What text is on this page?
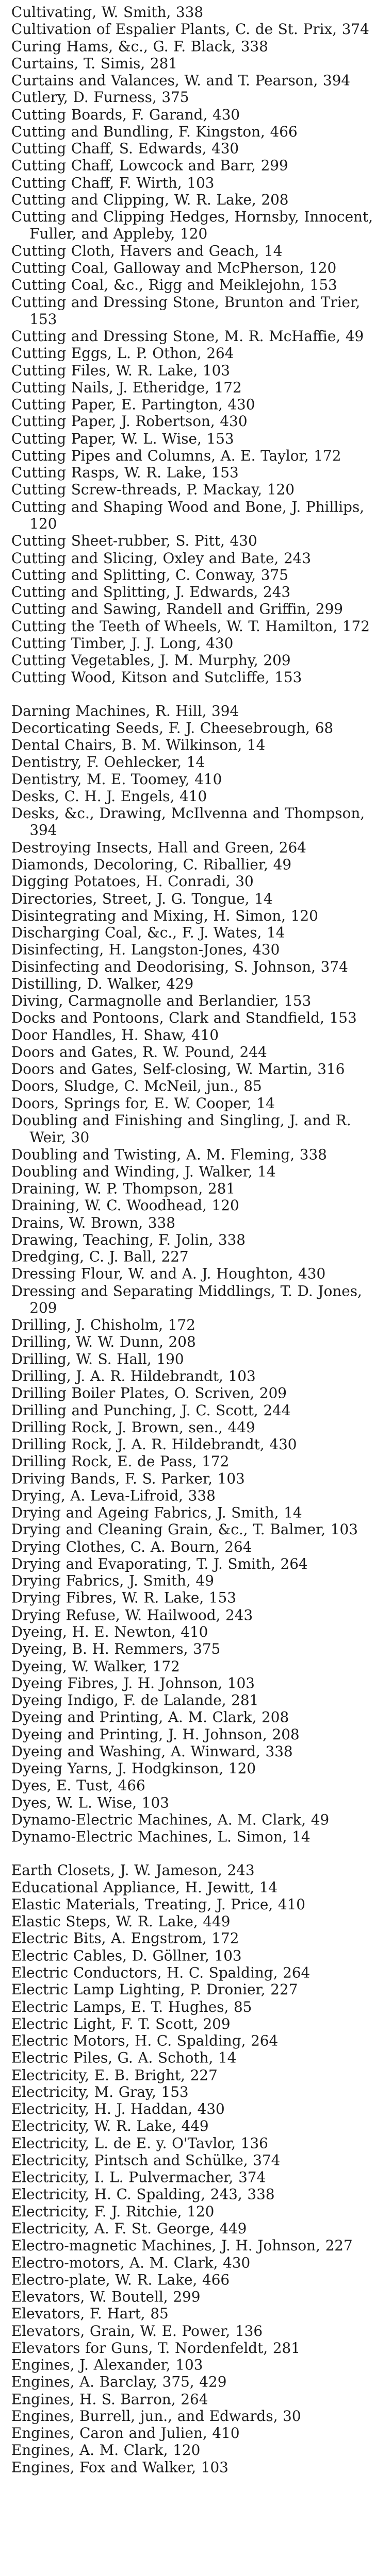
Cultivating, W. Smith, 338

Cultivation of Espalier Plants, C. de St. Prix, 374

Curing Hams, &c., G. F. Black, 338

Curtains, T. Simis, 281

Curtains and Valances, W. and T. Pearson, 394

Cutlery, D. Furness, 375

Cutting Boards, F. Garand, 430

Cutting and Bundling, F. Kingston, 466

Cutting Chaff, S. Edwards, 430

Cutting Chaff, Lowcock and Barr, 299

Cutting Chaff, F. Wirth, 103

Cutting and Clipping, W. R. Lake, 208

Cutting and Clipping Hedges, Hornsby, Innocent, Fuller, and Appleby, 120

Cutting Cloth, Havers and Geach, 14

Cutting Coal, Galloway and McPherson, 120

Cutting Coal, &c., Rigg and Meiklejohn, 153

Cutting and Dressing Stone, Brunton and Trier, 153

Cutting and Dressing Stone, M. R. McHaffie, 49

Cutting Eggs, L. P. Othon, 264

Cutting Files, W. R. Lake, 103

Cutting Nails, J. Etheridge, 172

Cutting Paper, E. Partington, 430

Cutting Paper, J. Robertson, 430

Cutting Paper, W. L. Wise, 153

Cutting Pipes and Columns, A. E. Taylor, 172

Cutting Rasps, W. R. Lake, 153

Cutting Screw-threads, P. Mackay, 120

Cutting and Shaping Wood and Bone, J. Phillips, 120

Cutting Sheet-rubber, S. Pitt, 430

Cutting and Slicing, Oxley and Bate, 243

Cutting and Splitting, C. Conway, 375

Cutting and Splitting, J. Edwards, 243

Cutting and Sawing, Randell and Griffin, 299

Cutting the Teeth of Wheels, W. T. Hamilton, 172

Cutting Timber, J. J. Long, 430

Cutting Vegetables, J. M. Murphy, 209

Cutting Wood, Kitson and Sutcliffe, 153

Darning Machines, R. Hill, 394

Decorticating Seeds, F. J. Cheesebrough, 68

Dental Chairs, B. M. Wilkinson, 14

Dentistry, F. Oehlecker, 14

Dentistry, M. E. Toomey, 410

Desks, C. H. J. Engels, 410

Desks, &c., Drawing, McIlvenna and Thompson, 394

Destroying Insects, Hall and Green, 264

Diamonds, Decoloring, C. Riballier, 49

Digging Potatoes, H. Conradi, 30

Directories, Street, J. G. Tongue, 14

Disintegrating and Mixing, H. Simon, 120

Discharging Coal, &c., F. J. Wates, 14

Disinfecting, H. Langston-Jones, 430

Disinfecting and Deodorising, S. Johnson, 374

Distilling, D. Walker, 429

Diving, Carmagnolle and Berlandier, 153

Docks and Pontoons, Clark and Standfield, 153

Door Handles, H. Shaw, 410

Doors and Gates, R. W. Pound, 244

Doors and Gates, Self-closing, W. Martin, 316

Doors, Sludge, C. McNeil, jun., 85

Doors, Springs for, E. W. Cooper, 14

Doubling and Finishing and Singling, J. and R. Weir, 30

Doubling and Twisting, A. M. Fleming, 338

Doubling and Winding, J. Walker, 14

Draining, W. P. Thompson, 281

Draining, W. C. Woodhead, 120

Drains, W. Brown, 338

Drawing, Teaching, F. Jolin, 338

Dredging, C. J. Ball, 227

Dressing Flour, W. and A. J. Houghton, 430

Dressing and Separating Middlings, T. D. Jones, 209

Drilling, J. Chisholm, 172

Drilling, W. W. Dunn, 208

Drilling, W. S. Hall, 190

Drilling, J. A. R. Hildebrandt, 103

Drilling Boiler Plates, O. Scriven, 209

Drilling and Punching, J. C. Scott, 244

Drilling Rock, J. Brown, sen., 449

Drilling Rock, J. A. R. Hildebrandt, 430

Drilling Rock, E. de Pass, 172

Driving Bands, F. S. Parker, 103

Drying, A. Leva-Lifroid, 338

Drying and Ageing Fabrics, J. Smith, 14

Drying and Cleaning Grain, &c., T. Balmer, 103

Drying Clothes, C. A. Bourn, 264

Drying and Evaporating, T. J. Smith, 264

Drying Fabrics, J. Smith, 49

Drying Fibres, W. R. Lake, 153

Drying Refuse, W. Hailwood, 243

Dyeing, H. E. Newton, 410

Dyeing, B. H. Remmers, 375

Dyeing, W. Walker, 172

Dyeing Fibres, J. H. Johnson, 103

Dyeing Indigo, F. de Lalande, 281

Dyeing and Printing, A. M. Clark, 208

Dyeing and Printing, J. H. Johnson, 208

Dyeing and Washing, A. Winward, 338

Dyeing Yarns, J. Hodgkinson, 120

Dyes, E. Tust, 466

Dyes, W. L. Wise, 103

Dynamo-Electric Machines, A. M. Clark, 49

Dynamo-Electric Machines, L. Simon, 14

Earth Closets, J. W. Jameson, 243

Educational Appliance, H. Jewitt, 14

Elastic Materials, Treating, J. Price, 410

Elastic Steps, W. R. Lake, 449

Electric Bits, A. Engstrom, 172

Electric Cables, D. Göllner, 103

Electric Conductors, H. C. Spalding, 264

Electric Lamp Lighting, P. Dronier, 227

Electric Lamps, E. T. Hughes, 85

Electric Light, F. T. Scott, 209

Electric Motors, H. C. Spalding, 264

Electric Piles, G. A. Schoth, 14

Electricity, E. B. Bright, 227

Electricity, M. Gray, 153

Electricity, H. J. Haddan, 430

Electricity, W. R. Lake, 449

Electricity, L. de E. y. O'Tavlor, 136

Electricity, Pintsch and Schülke, 374

Electricity, I. L. Pulvermacher, 374

Electricity, H. C. Spalding, 243, 338

Electricity, F. J. Ritchie, 120

Electricity, A. F. St. George, 449

Electro-magnetic Machines, J. H. Johnson, 227

Electro-motors, A. M. Clark, 430

Electro-plate, W. R. Lake, 466

Elevators, W. Boutell, 299

Elevators, F. Hart, 85

Elevators, Grain, W. E. Power, 136

Elevators for Guns, T. Nordenfeldt, 281

Engines, J. Alexander, 103

Engines, A. Barclay, 375, 429

Engines, H. S. Barron, 264

Engines, Burrell, jun., and Edwards, 30

Engines, Caron and Julien, 410

Engines, A. M. Clark, 120

Engines, Fox and Walker, 103
